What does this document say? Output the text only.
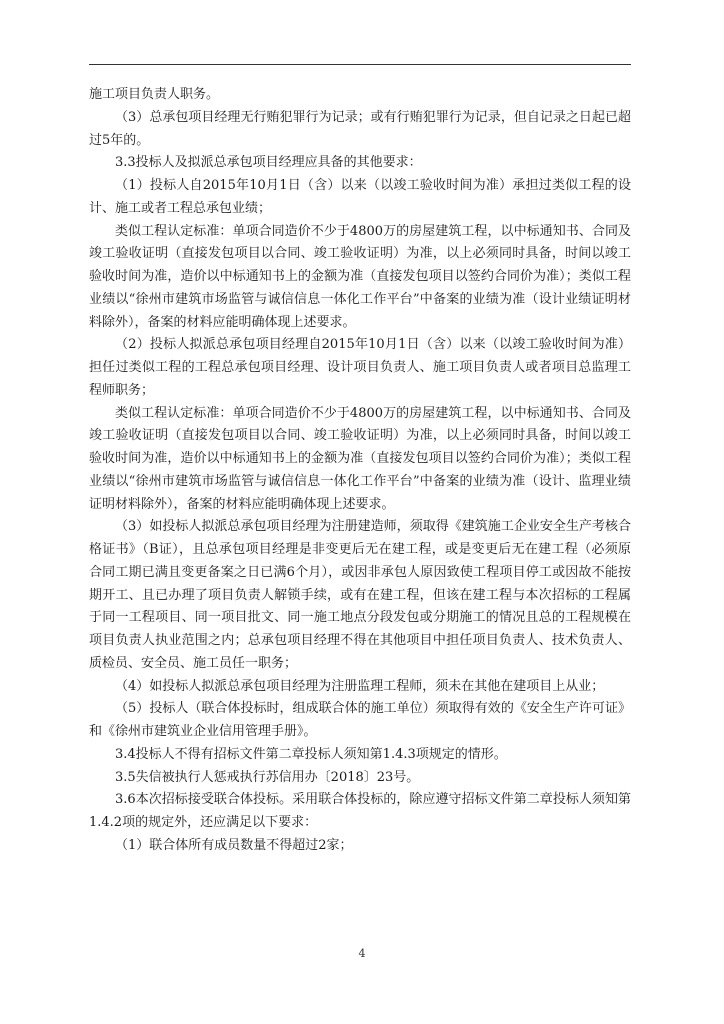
施工项目负责人职务。

（3）总承包项目经理无行贿犯罪行为记录；或有行贿犯罪行为记录，但自记录之日起已超过5年的。

3.3投标人及拟派总承包项目经理应具备的其他要求：

（1）投标人自2015年10月1日（含）以来（以竣工验收时间为准）承担过类似工程的设计、施工或者工程总承包业绩；

类似工程认定标准：单项合同造价不少于4800万的房屋建筑工程，以中标通知书、合同及竣工验收证明（直接发包项目以合同、竣工验收证明）为准，以上必须同时具备，时间以竣工验收时间为准，造价以中标通知书上的金额为准（直接发包项目以签约合同价为准）；类似工程业绩以“徐州市建筑市场监管与诚信信息一体化工作平台”中备案的业绩为准（设计业绩证明材料除外），备案的材料应能明确体现上述要求。

（2）投标人拟派总承包项目经理自2015年10月1日（含）以来（以竣工验收时间为准）担任过类似工程的工程总承包项目经理、设计项目负责人、施工项目负责人或者项目总监理工程师职务；

类似工程认定标准：单项合同造价不少于4800万的房屋建筑工程，以中标通知书、合同及竣工验收证明（直接发包项目以合同、竣工验收证明）为准，以上必须同时具备，时间以竣工验收时间为准，造价以中标通知书上的金额为准（直接发包项目以签约合同价为准）；类似工程业绩以“徐州市建筑市场监管与诚信信息一体化工作平台”中备案的业绩为准（设计、监理业绩证明材料除外），备案的材料应能明确体现上述要求。

（3）如投标人拟派总承包项目经理为注册建造师，须取得《建筑施工企业安全生产考核合格证书》（B证），且总承包项目经理是非变更后无在建工程，或是变更后无在建工程（必须原合同工期已满且变更备案之日已满6个月），或因非承包人原因致使工程项目停工或因故不能按期开工、且已办理了项目负责人解锁手续，或有在建工程，但该在建工程与本次招标的工程属于同一工程项目、同一项目批文、同一施工地点分段发包或分期施工的情况且总的工程规模在项目负责人执业范围之内；总承包项目经理不得在其他项目中担任项目负责人、技术负责人、质检员、安全员、施工员任一职务；

（4）如投标人拟派总承包项目经理为注册监理工程师，须未在其他在建项目上从业；

（5）投标人（联合体投标时，组成联合体的施工单位）须取得有效的《安全生产许可证》和《徐州市建筑业企业信用管理手册》。

3.4投标人不得有招标文件第二章投标人须知第1.4.3项规定的情形。

3.5失信被执行人惩戒执行苏信用办〔2018〕23号。

3.6本次招标接受联合体投标。采用联合体投标的，除应遵守招标文件第二章投标人须知第1.4.2项的规定外，还应满足以下要求：

（1）联合体所有成员数量不得超过2家；

4
